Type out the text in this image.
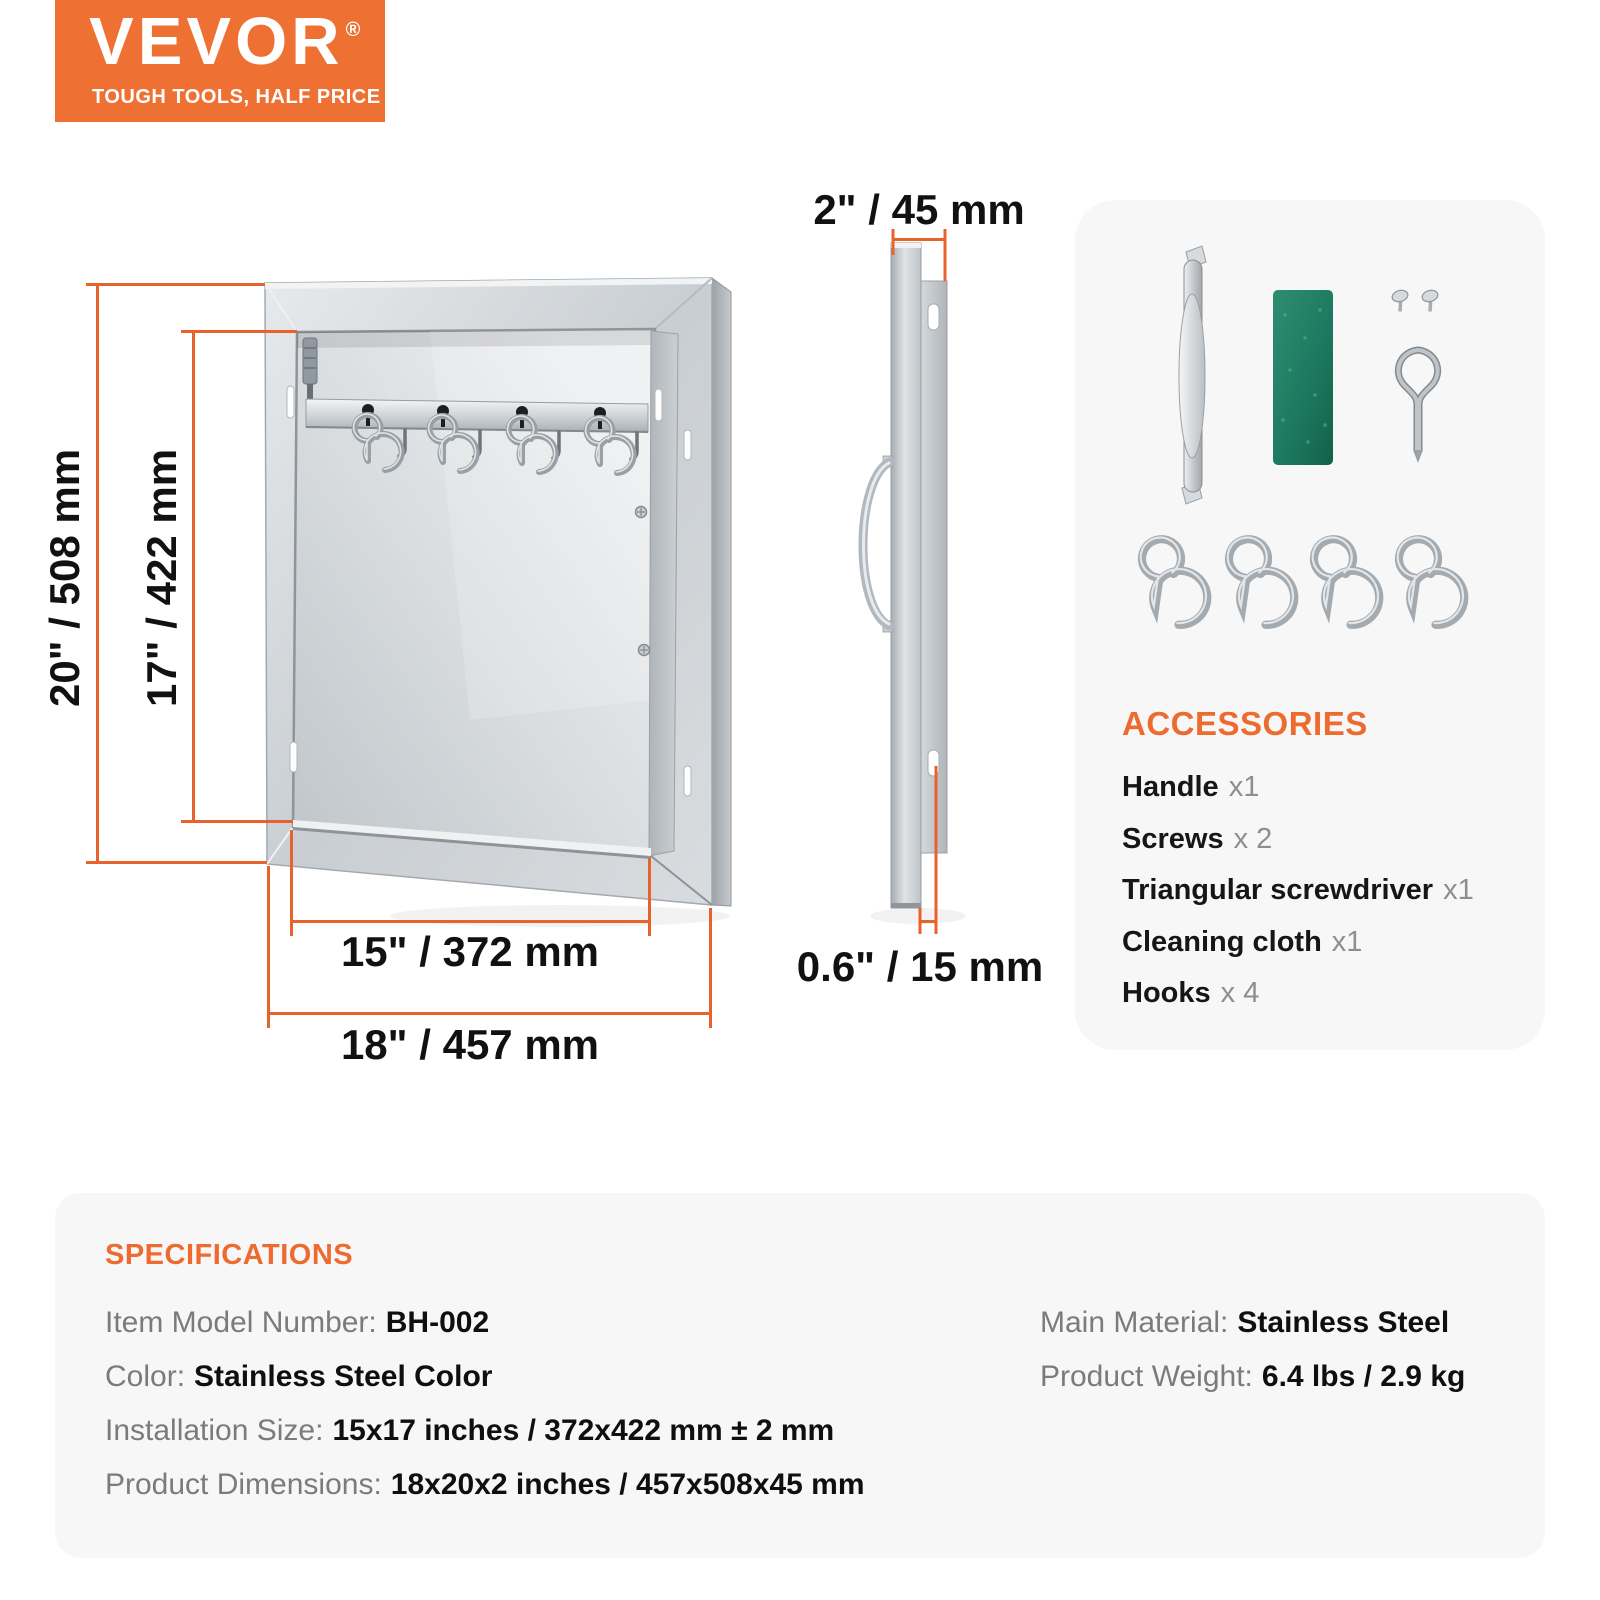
VEVOR ®
TOUGH TOOLS, HALF PRICE
20" / 508 mm 17" / 422 mm
15" / 372 mm
18" / 457 mm
2" / 45 mm
0.6" / 15 mm
ACCESSORIES
Handle x1
Screws x 2
Triangular screwdriver x1
Cleaning cloth x1
Hooks x 4
SPECIFICATIONS
Item Model Number: BH-002
Color: Stainless Steel Color
Installation Size: 15x17 inches / 372x422 mm ± 2 mm
Product Dimensions: 18x20x2 inches / 457x508x45 mm
Main Material: Stainless Steel
Product Weight: 6.4 lbs / 2.9 kg
